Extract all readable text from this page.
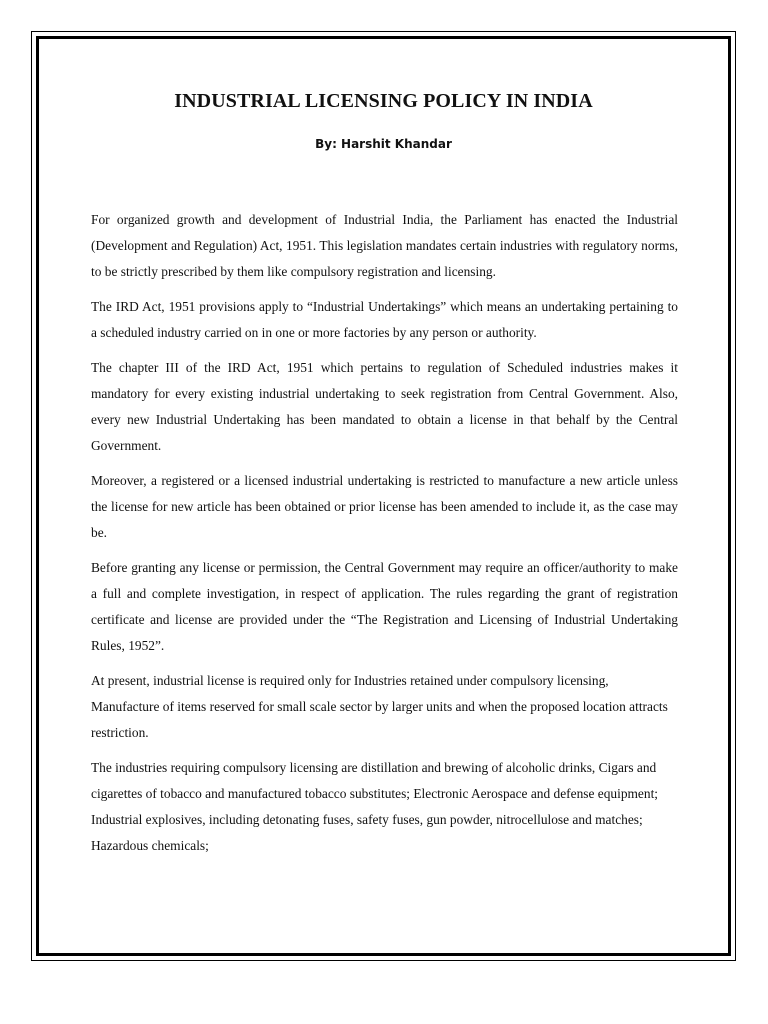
INDUSTRIAL LICENSING POLICY IN INDIA

By: Harshit Khandar

For organized growth and development of Industrial India, the Parliament has enacted the Industrial (Development and Regulation) Act, 1951. This legislation mandates certain industries with regulatory norms, to be strictly prescribed by them like compulsory registration and licensing.

The IRD Act, 1951 provisions apply to “Industrial Undertakings” which means an undertaking pertaining to a scheduled industry carried on in one or more factories by any person or authority.

The chapter III of the IRD Act, 1951 which pertains to regulation of Scheduled industries makes it mandatory for every existing industrial undertaking to seek registration from Central Government. Also, every new Industrial Undertaking has been mandated to obtain a license in that behalf by the Central Government.

Moreover, a registered or a licensed industrial undertaking is restricted to manufacture a new article unless the license for new article has been obtained or prior license has been amended to include it, as the case may be.

Before granting any license or permission, the Central Government may require an officer/authority to make a full and complete investigation, in respect of application. The rules regarding the grant of registration certificate and license are provided under the “The Registration and Licensing of Industrial Undertaking Rules, 1952”.

At present, industrial license is required only for Industries retained under compulsory licensing, Manufacture of items reserved for small scale sector by larger units and when the proposed location attracts restriction.

The industries requiring compulsory licensing are distillation and brewing of alcoholic drinks, Cigars and cigarettes of tobacco and manufactured tobacco substitutes; Electronic Aerospace and defense equipment; Industrial explosives, including detonating fuses, safety fuses, gun powder, nitrocellulose and matches; Hazardous chemicals;
